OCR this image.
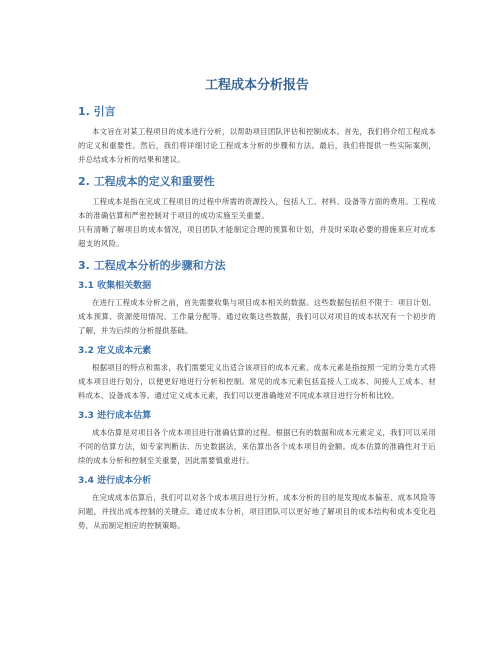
工程成本分析报告
1. 引言

本文旨在对某工程项目的成本进行分析，以帮助项目团队评估和控制成本。首先，我们将介绍工程成本的定义和重要性。然后，我们将详细讨论工程成本分析的步骤和方法。最后，我们将提供一些实际案例，并总结成本分析的结果和建议。

2. 工程成本的定义和重要性

工程成本是指在完成工程项目的过程中所需的资源投入，包括人工、材料、设备等方面的费用。工程成本的准确估算和严密控制对于项目的成功实施至关重要。

只有清晰了解项目的成本情况，项目团队才能制定合理的预算和计划，并及时采取必要的措施来应对成本超支的风险。

3. 工程成本分析的步骤和方法
3.1 收集相关数据

在进行工程成本分析之前，首先需要收集与项目成本相关的数据。这些数据包括但不限于：项目计划、成本预算、资源使用情况、工作量分配等。通过收集这些数据，我们可以对项目的成本状况有一个初步的了解，并为后续的分析提供基础。

3.2 定义成本元素

根据项目的特点和需求，我们需要定义出适合该项目的成本元素。成本元素是指按照一定的分类方式将成本项目进行划分，以便更好地进行分析和控制。常见的成本元素包括直接人工成本、间接人工成本、材料成本、设备成本等。通过定义成本元素，我们可以更准确地对不同成本项目进行分析和比较。

3.3 进行成本估算

成本估算是对项目各个成本项目进行准确估算的过程。根据已有的数据和成本元素定义，我们可以采用不同的估算方法，如专家判断法、历史数据法，来估算出各个成本项目的金额。成本估算的准确性对于后续的成本分析和控制至关重要，因此需要慎重进行。

3.4 进行成本分析

在完成成本估算后，我们可以对各个成本项目进行分析。成本分析的目的是发现成本偏差、成本风险等问题，并找出成本控制的关键点。通过成本分析，项目团队可以更好地了解项目的成本结构和成本变化趋势，从而制定相应的控制策略。
